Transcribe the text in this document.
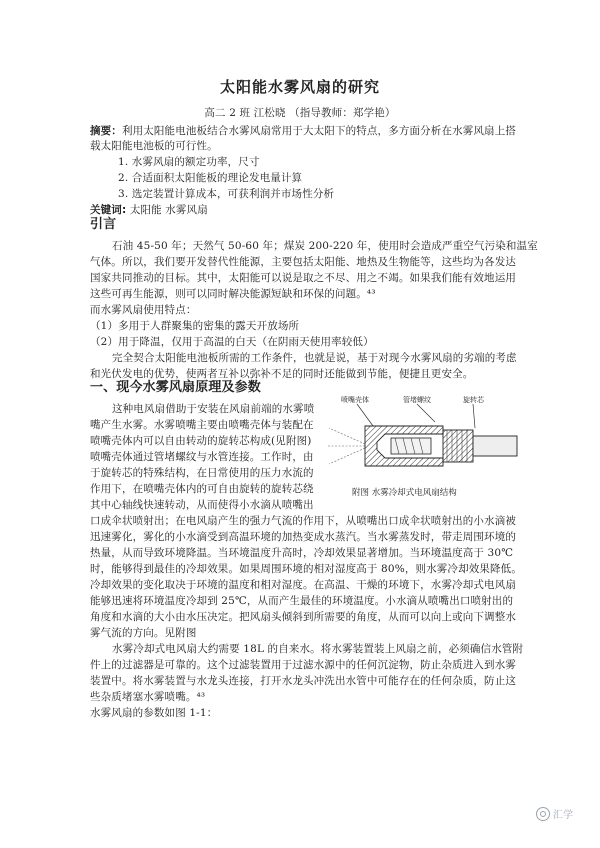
太阳能水雾风扇的研究
高二 2 班 江松晓 （指导教师：郑学艳）
摘要：利用太阳能电池板结合水雾风扇常用于大太阳下的特点，多方面分析在水雾风扇上搭
载太阳能电池板的可行性。
1. 水雾风扇的额定功率，尺寸
2. 合适面积太阳能板的理论发电量计算
3. 选定装置计算成本，可获利润并市场性分析
关键词: 太阳能 水雾风扇
引言
石油 45-50 年；天然气 50-60 年；煤炭 200-220 年，使用时会造成严重空气污染和温室
气体。所以，我们要开发替代性能源，主要包括太阳能、地热及生物能等，这些均为各发达
国家共同推动的目标。其中，太阳能可以说是取之不尽、用之不竭。如果我们能有效地运用
这些可再生能源，则可以同时解决能源短缺和环保的问题。⁴³
而水雾风扇使用特点：
（1）多用于人群聚集的密集的露天开放场所
（2）用于降温，仅用于高温的白天（在阴雨天使用率较低）
完全契合太阳能电池板所需的工作条件，也就是说，基于对现今水雾风扇的劣端的考虑
和光伏发电的优势，使两者互补以弥补不足的同时还能做到节能，便捷且更安全。
一、现今水雾风扇原理及参数
这种电风扇借助于安装在风扇前端的水雾喷
嘴产生水雾。水雾喷嘴主要由喷嘴壳体与装配在
喷嘴壳体内可以自由转动的旋转芯构成(见附图)
喷嘴壳体通过管堵螺纹与水管连接。工作时，由
于旋转芯的特殊结构，在日常使用的压力水流的
作用下，在喷嘴壳体内的可自由旋转的旋转芯绕
其中心轴线快速转动，从而使得小水滴从喷嘴出
口成伞状喷射出；在电风扇产生的强力气流的作用下，从喷嘴出口成伞状喷射出的小水滴被
迅速雾化，雾化的小水滴受到高温环境的加热变成水蒸汽。当水雾蒸发时，带走周围环境的
热量，从而导致环境降温。当环境温度升高时，冷却效果显著增加。当环境温度高于 30℃
时，能够得到最佳的冷却效果。如果周围环境的相对湿度高于 80%，则水雾冷却效果降低。
冷却效果的变化取决于环境的温度和相对湿度。在高温、干燥的环境下，水雾冷却式电风扇
能够迅速将环境温度冷却到 25℃，从而产生最佳的环境温度。小水滴从喷嘴出口喷射出的
角度和水滴的大小由水压决定。把风扇头倾斜到所需要的角度，从而可以向上或向下调整水
雾气流的方向。见附图
水雾冷却式电风扇大约需要 18L 的自来水。将水雾装置装上风扇之前，必须确信水管附
件上的过滤器是可靠的。这个过滤装置用于过滤水源中的任何沉淀物，防止杂质进入到水雾
装置中。将水雾装置与水龙头连接，打开水龙头冲洗出水管中可能存在的任何杂质，防止这
些杂质堵塞水雾喷嘴。⁴³
水雾风扇的参数如图 1-1：
喷嘴壳体	管堵螺纹	旋转芯
附图 水雾冷却式电风扇结构
汇学
